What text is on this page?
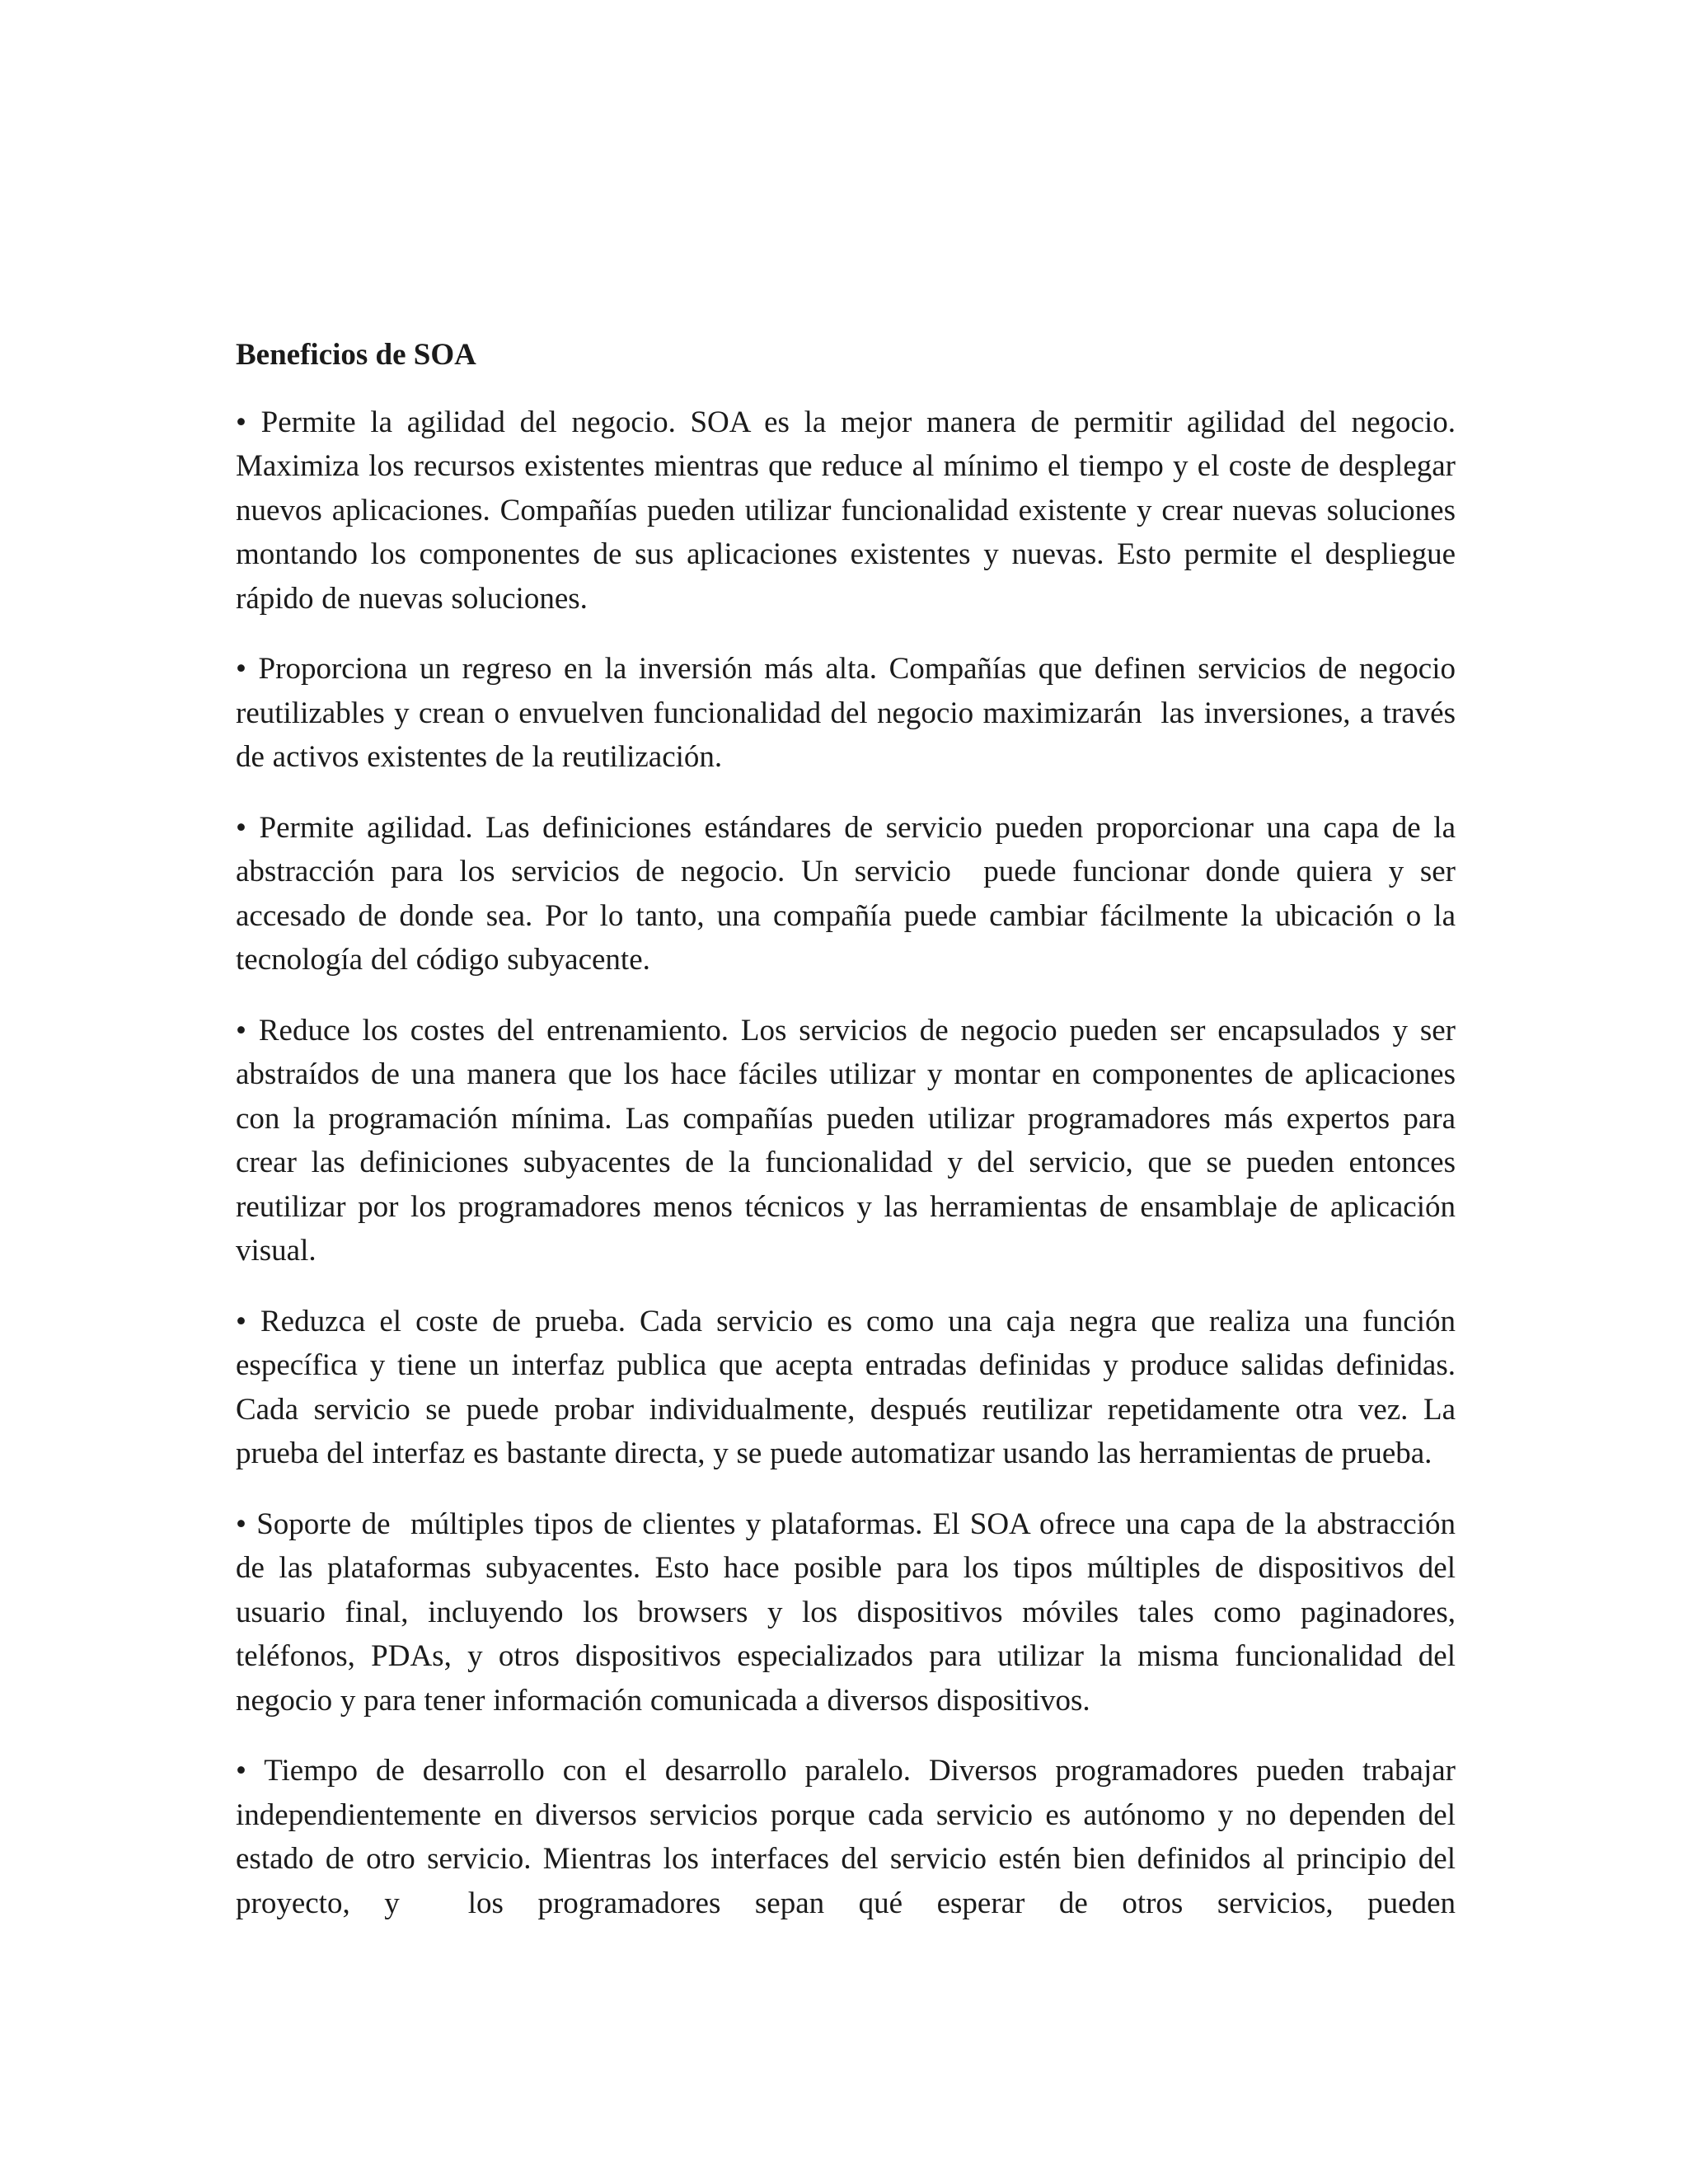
Beneficios de SOA

• Permite la agilidad del negocio. SOA es la mejor manera de permitir agilidad del negocio. Maximiza los recursos existentes mientras que reduce al mínimo el tiempo y el coste de desplegar nuevos aplicaciones. Compañías pueden utilizar funcionalidad existente y crear nuevas soluciones montando los componentes de sus aplicaciones existentes y nuevas. Esto permite el despliegue rápido de nuevas soluciones.

• Proporciona un regreso en la inversión más alta. Compañías que definen servicios de negocio reutilizables y crean o envuelven funcionalidad del negocio maximizarán  las inversiones, a través de activos existentes de la reutilización.

• Permite agilidad. Las definiciones estándares de servicio pueden proporcionar una capa de la abstracción para los servicios de negocio. Un servicio  puede funcionar donde quiera y ser accesado de donde sea. Por lo tanto, una compañía puede cambiar fácilmente la ubicación o la tecnología del código subyacente.

• Reduce los costes del entrenamiento. Los servicios de negocio pueden ser encapsulados y ser abstraídos de una manera que los hace fáciles utilizar y montar en componentes de aplicaciones con la programación mínima. Las compañías pueden utilizar programadores más expertos para crear las definiciones subyacentes de la funcionalidad y del servicio, que se pueden entonces reutilizar por los programadores menos técnicos y las herramientas de ensamblaje de aplicación visual.

• Reduzca el coste de prueba. Cada servicio es como una caja negra que realiza una función específica y tiene un interfaz publica que acepta entradas definidas y produce salidas definidas. Cada servicio se puede probar individualmente, después reutilizar repetidamente otra vez. La prueba del interfaz es bastante directa, y se puede automatizar usando las herramientas de prueba.

• Soporte de  múltiples tipos de clientes y plataformas. El SOA ofrece una capa de la abstracción de las plataformas subyacentes. Esto hace posible para los tipos múltiples de dispositivos del usuario final, incluyendo los browsers y los dispositivos móviles tales como paginadores, teléfonos, PDAs, y otros dispositivos especializados para utilizar la misma funcionalidad del negocio y para tener información comunicada a diversos dispositivos.

• Tiempo de desarrollo con el desarrollo paralelo. Diversos programadores pueden trabajar independientemente en diversos servicios porque cada servicio es autónomo y no dependen del estado de otro servicio. Mientras los interfaces del servicio estén bien definidos al principio del proyecto, y  los programadores sepan qué esperar de otros servicios, pueden
